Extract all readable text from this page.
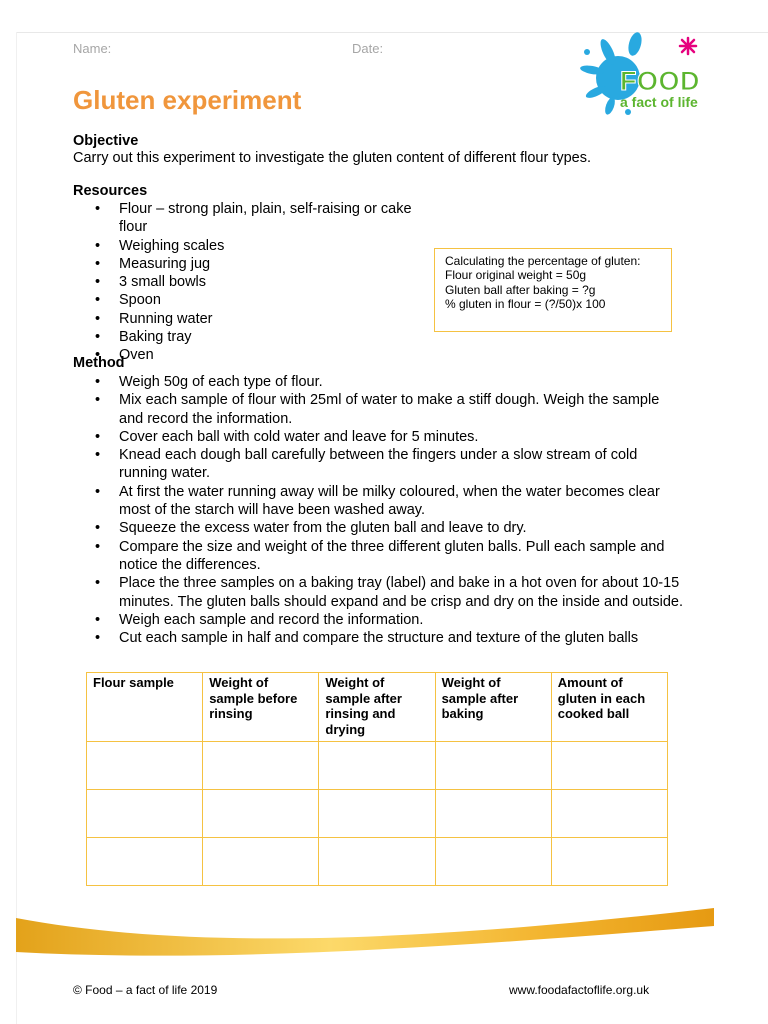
Name:	Date:
FOOD
a fact of life
Gluten experiment
Objective

Carry out this experiment to investigate the gluten content of different flour types.

Resources
• Flour – strong plain, plain, self-raising or cake flour
• Weighing scales
• Measuring jug
• 3 small bowls
• Spoon
• Running water
• Baking tray
• Oven
Calculating the percentage of gluten:
Flour original weight = 50g
Gluten ball after baking = ?g
% gluten in flour = (?/50)x 100
Method
• Weigh 50g of each type of flour.
• Mix each sample of flour with 25ml of water to make a stiff dough. Weigh the sample and record the information.
• Cover each ball with cold water and leave for 5 minutes.
• Knead each dough ball carefully between the fingers under a slow stream of cold running water.
• At first the water running away will be milky coloured, when the water becomes clear most of the starch will have been washed away.
• Squeeze the excess water from the gluten ball and leave to dry.
• Compare the size and weight of the three different gluten balls. Pull each sample and notice the differences.
• Place the three samples on a baking tray (label) and bake in a hot oven for about 10-15 minutes. The gluten balls should expand and be crisp and dry on the inside and outside.
• Weigh each sample and record the information.
• Cut each sample in half and compare the structure and texture of the gluten balls
Flour sample	Weight of sample before rinsing	Weight of sample after rinsing and drying	Weight of sample after baking	Amount of gluten in each cooked ball

© Food – a fact of life 2019	www.foodafactoflife.org.uk
